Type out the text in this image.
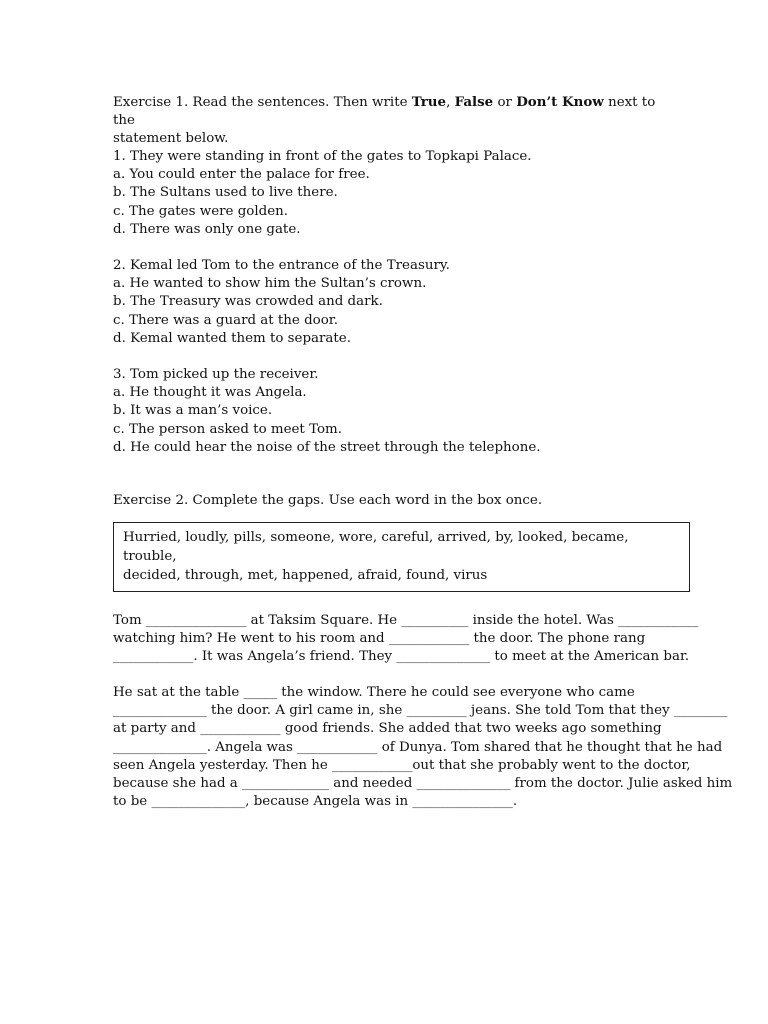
Exercise 1. Read the sentences. Then write True, False or Don’t Know next to the
statement below.
1. They were standing in front of the gates to Topkapi Palace.
a. You could enter the palace for free.
b. The Sultans used to live there.
c. The gates were golden.
d. There was only one gate.
2. Kemal led Tom to the entrance of the Treasury.
a. He wanted to show him the Sultan’s crown.
b. The Treasury was crowded and dark.
c. There was a guard at the door.
d. Kemal wanted them to separate.
3. Tom picked up the receiver.
a. He thought it was Angela.
b. It was a man’s voice.
c. The person asked to meet Tom.
d. He could hear the noise of the street through the telephone.
Exercise 2. Complete the gaps. Use each word in the box once.
Hurried, loudly, pills, someone, wore, careful, arrived, by, looked, became, trouble,
decided, through, met, happened, afraid, found, virus
Tom _______________ at Taksim Square. He __________ inside the hotel. Was ____________
watching him? He went to his room and ____________ the door. The phone rang
____________. It was Angela’s friend. They ______________ to meet at the American bar.
He sat at the table _____ the window. There he could see everyone who came
______________ the door. A girl came in, she _________ jeans. She told Tom that they ________
at party and ____________ good friends. She added that two weeks ago something
______________. Angela was ____________ of Dunya. Tom shared that he thought that he had
seen Angela yesterday. Then he ____________out that she probably went to the doctor,
because she had a _____________ and needed ______________ from the doctor. Julie asked him
to be ______________, because Angela was in _______________.
